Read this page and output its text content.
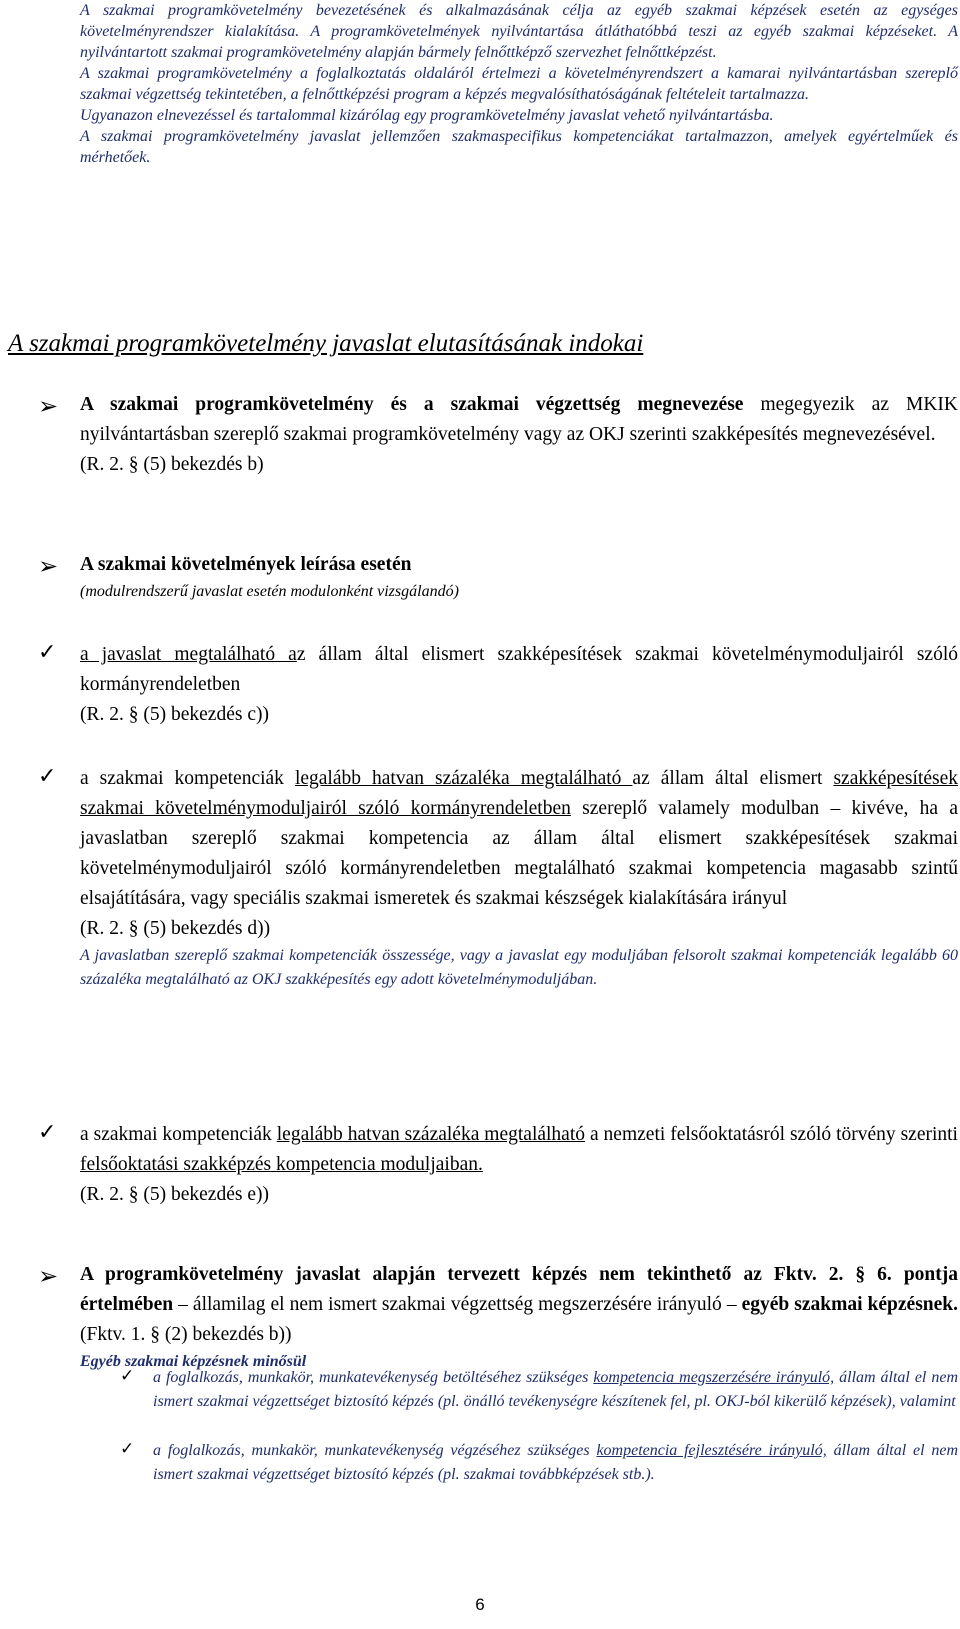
A szakmai programkövetelmény bevezetésének és alkalmazásának célja az egyéb szakmai képzések esetén az egységes követelményrendszer kialakítása. A programkövetelmények nyilvántartása átláthatóbbá teszi az egyéb szakmai képzéseket. A nyilvántartott szakmai programkövetelmény alapján bármely felnőttképző szervezhet felnőttképzést.

A szakmai programkövetelmény a foglalkoztatás oldaláról értelmezi a követelményrendszert a kamarai nyilvántartásban szereplő szakmai végzettség tekintetében, a felnőttképzési program a képzés megvalósíthatóságának feltételeit tartalmazza.

Ugyanazon elnevezéssel és tartalommal kizárólag egy programkövetelmény javaslat vehető nyilvántartásba.

A szakmai programkövetelmény javaslat jellemzően szakmaspecifikus kompetenciákat tartalmazzon, amelyek egyértelműek és mérhetőek.

A szakmai programkövetelmény javaslat elutasításának indokai
➢ A szakmai programkövetelmény és a szakmai végzettség megnevezése megegyezik az MKIK nyilvántartásban szereplő szakmai programkövetelmény vagy az OKJ szerinti szakképesítés megnevezésével.

(R. 2. § (5) bekezdés b)

➢ A szakmai követelmények leírása esetén

(modulrendszerű javaslat esetén modulonként vizsgálandó)

✓ a javaslat megtalálható az állam által elismert szakképesítések szakmai követelménymoduljairól szóló kormányrendeletben

(R. 2. § (5) bekezdés c))

✓ a szakmai kompetenciák legalább hatvan százaléka megtalálható az állam által elismert szakképesítések szakmai követelménymoduljairól szóló kormányrendeletben szereplő valamely modulban – kivéve, ha a javaslatban szereplő szakmai kompetencia az állam által elismert szakképesítések szakmai követelménymoduljairól szóló kormányrendeletben megtalálható szakmai kompetencia magasabb szintű elsajátítására, vagy speciális szakmai ismeretek és szakmai készségek kialakítására irányul

(R. 2. § (5) bekezdés d))

A javaslatban szereplő szakmai kompetenciák összessége, vagy a javaslat egy moduljában felsorolt szakmai kompetenciák legalább 60 százaléka megtalálható az OKJ szakképesítés egy adott követelménymoduljában.

✓ a szakmai kompetenciák legalább hatvan százaléka megtalálható a nemzeti felsőoktatásról szóló törvény szerinti felsőoktatási szakképzés kompetencia moduljaiban.

(R. 2. § (5) bekezdés e))

➢ A programkövetelmény javaslat alapján tervezett képzés nem tekinthető az Fktv. 2. § 6. pontja értelmében – államilag el nem ismert szakmai végzettség megszerzésére irányuló – egyéb szakmai képzésnek. (Fktv. 1. § (2) bekezdés b))

Egyéb szakmai képzésnek minősül

✓ a foglalkozás, munkakör, munkatevékenység betöltéséhez szükséges kompetencia megszerzésére irányuló, állam által el nem ismert szakmai végzettséget biztosító képzés (pl. önálló tevékenységre készítenek fel, pl. OKJ-ból kikerülő képzések), valamint
✓ a foglalkozás, munkakör, munkatevékenység végzéséhez szükséges kompetencia fejlesztésére irányuló, állam által el nem ismert szakmai végzettséget biztosító képzés (pl. szakmai továbbképzések stb.).
6
